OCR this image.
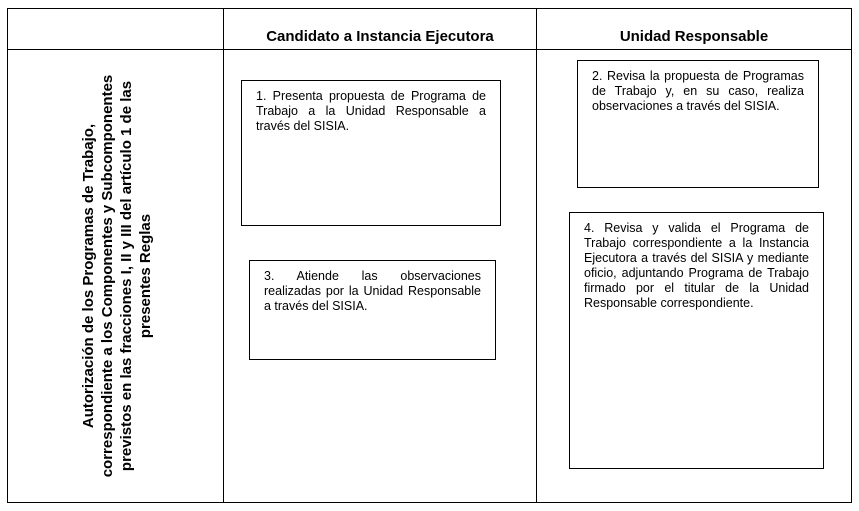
Candidato a Instancia Ejecutora	Unidad Responsable
Autorización de los Programas de Trabajo, correspondiente a los Componentes y Subcomponentes previstos en las fracciones I, II y III del artículo 1 de las presentes Reglas
1. Presenta propuesta de Programa de Trabajo a la Unidad Responsable a través del SISIA.
2. Revisa la propuesta de Programas de Trabajo y, en su caso, realiza observaciones a través del SISIA.
3. Atiende las observaciones realizadas por la Unidad Responsable a través del SISIA.
4. Revisa y valida el Programa de Trabajo correspondiente a la Instancia Ejecutora a través del SISIA y mediante oficio, adjuntando Programa de Trabajo firmado por el titular de la Unidad Responsable correspondiente.
